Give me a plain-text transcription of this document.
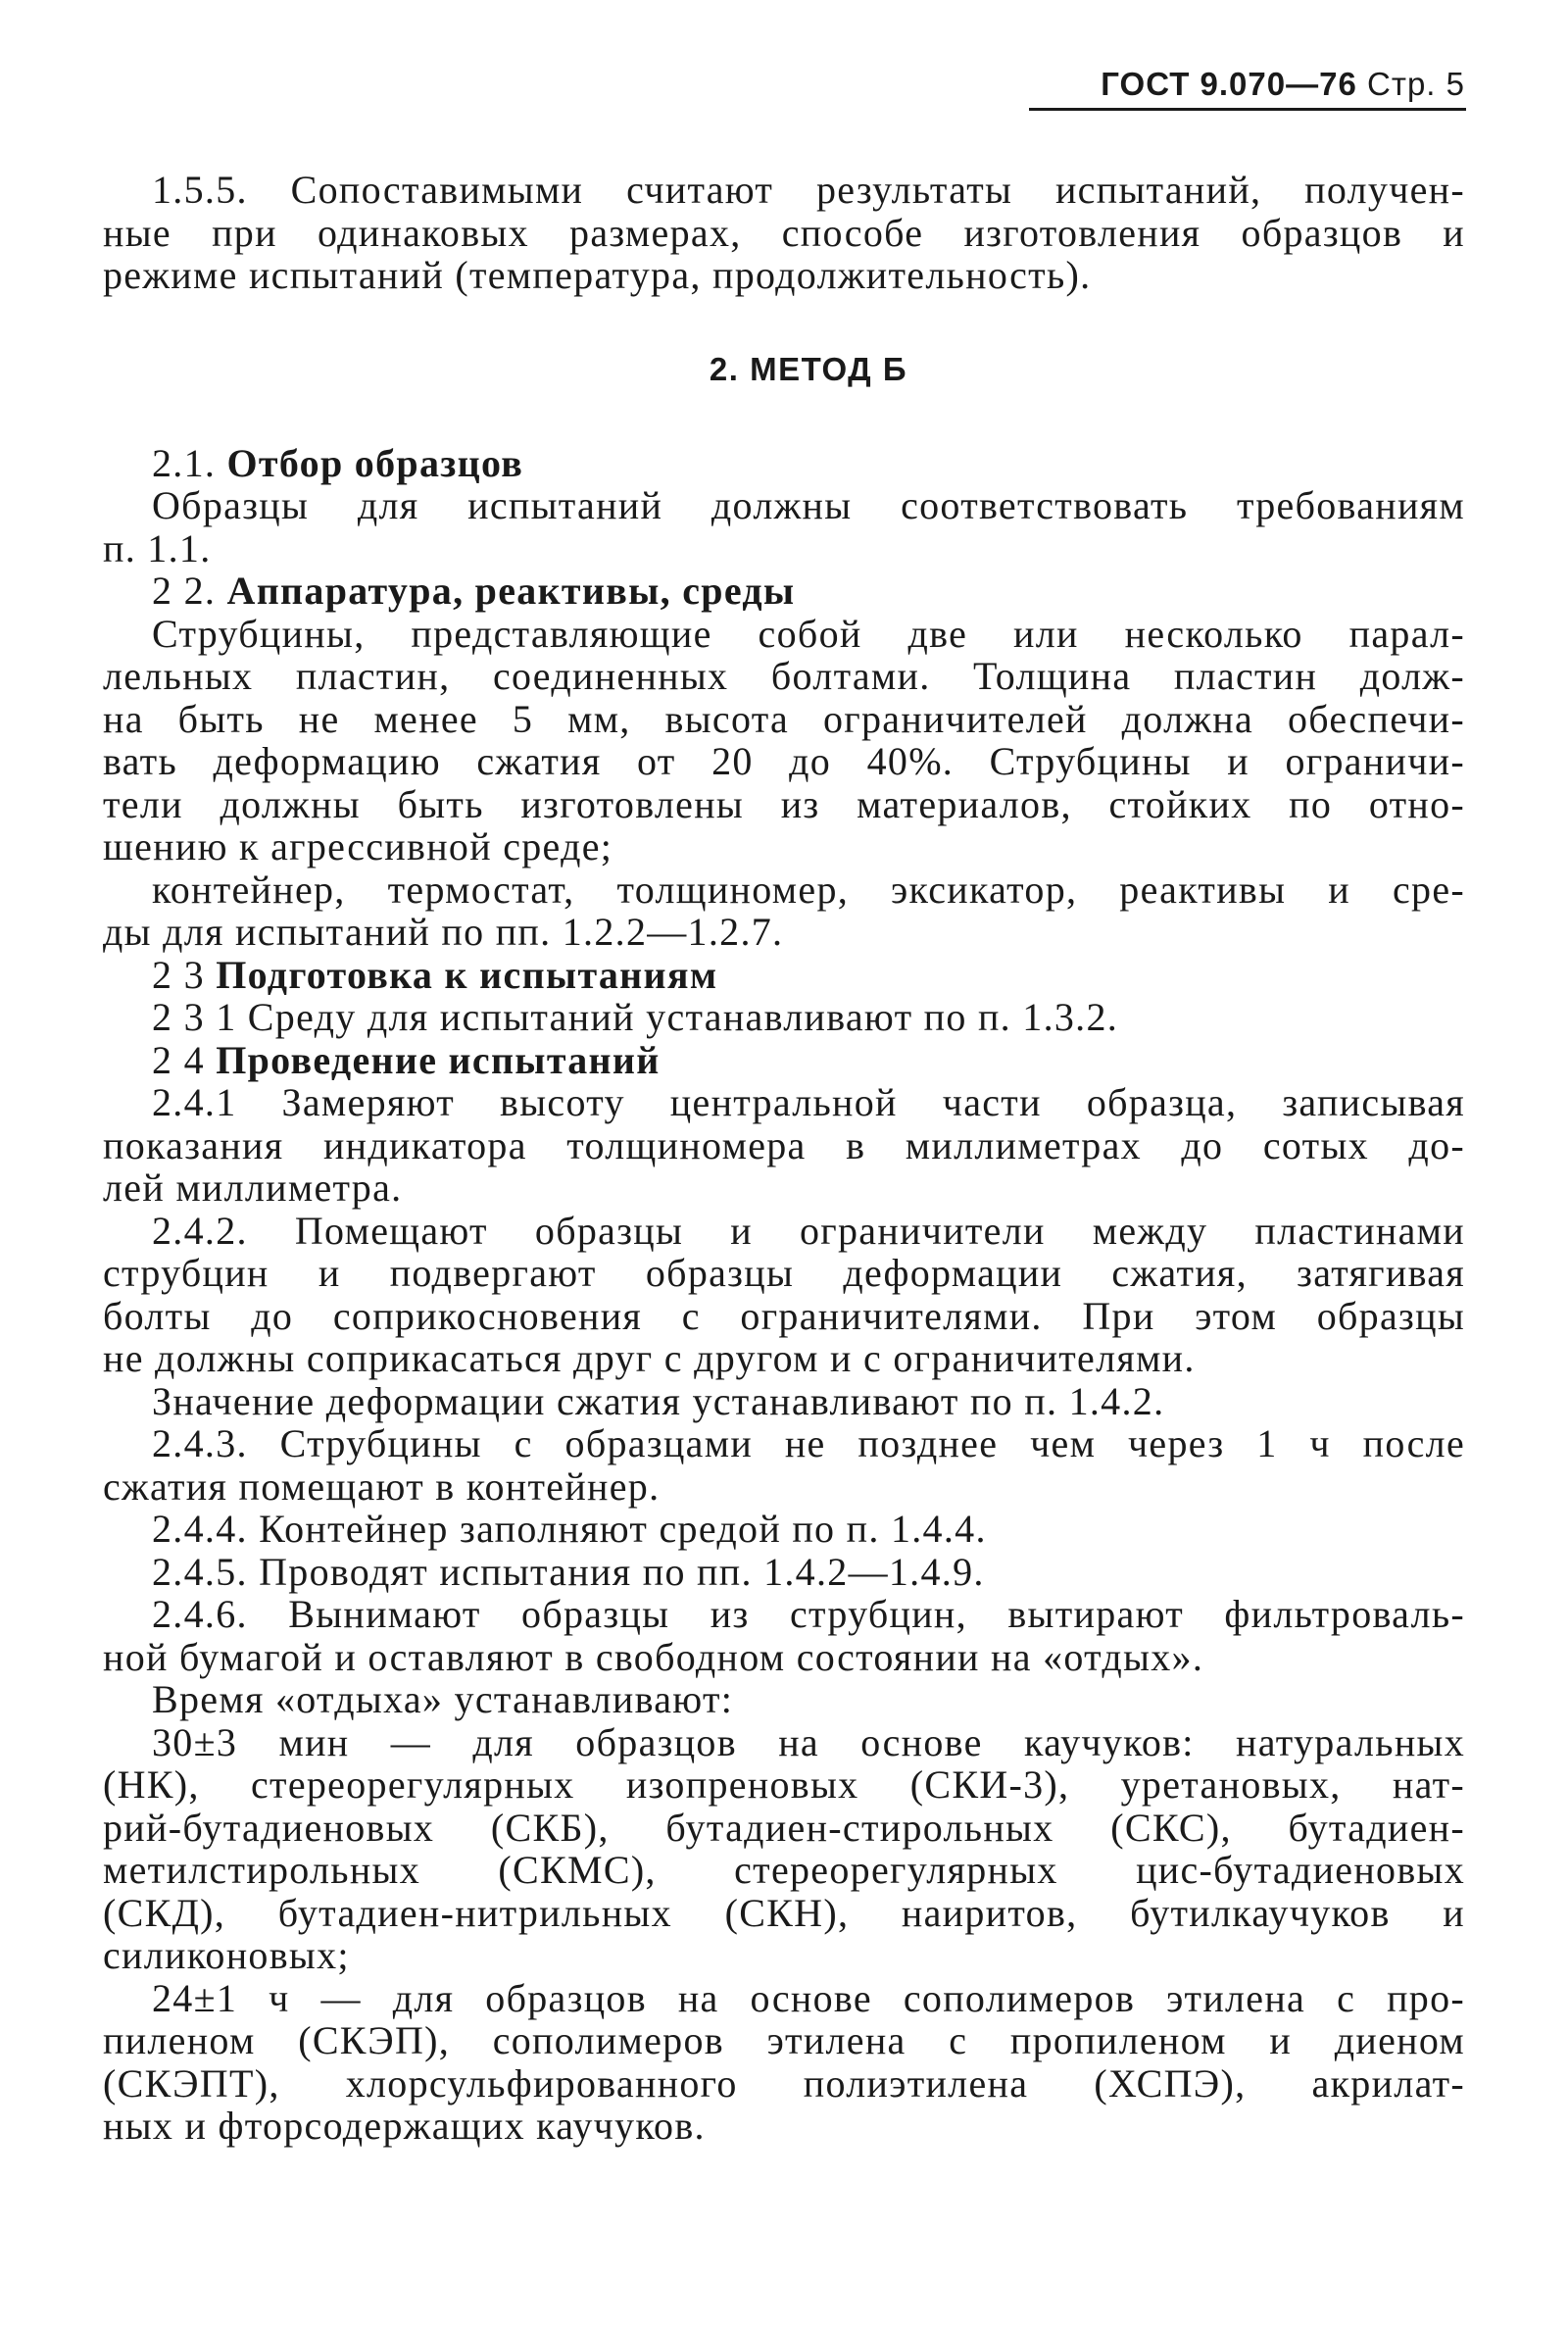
ГОСТ 9.070—76 Стр. 5
1.5.5. Сопоставимыми считают результаты испытаний, получен-
ные при одинаковых размерах, способе изготовления образцов и
режиме испытаний (температура, продолжительность).
2. МЕТОД Б
2.1. Отбор образцов
Образцы для испытаний должны соответствовать требованиям
п. 1.1.
2 2. Аппаратура, реактивы, среды
Струбцины, представляющие собой две или несколько парал-
лельных пластин, соединенных болтами. Толщина пластин долж-
на быть не менее 5 мм, высота ограничителей должна обеспечи-
вать деформацию сжатия от 20 до 40%. Струбцины и ограничи-
тели должны быть изготовлены из материалов, стойких по отно-
шению к агрессивной среде;
контейнер, термостат, толщиномер, эксикатор, реактивы и сре-
ды для испытаний по пп. 1.2.2—1.2.7.
2 3 Подготовка к испытаниям
2 3 1 Среду для испытаний устанавливают по п. 1.3.2.
2 4 Проведение испытаний
2.4.1 Замеряют высоту центральной части образца, записывая
показания индикатора толщиномера в миллиметрах до сотых до-
лей миллиметра.
2.4.2. Помещают образцы и ограничители между пластинами
струбцин и подвергают образцы деформации сжатия, затягивая
болты до соприкосновения с ограничителями. При этом образцы
не должны соприкасаться друг с другом и с ограничителями.
Значение деформации сжатия устанавливают по п. 1.4.2.
2.4.3. Струбцины с образцами не позднее чем через 1 ч после
сжатия помещают в контейнер.
2.4.4. Контейнер заполняют средой по п. 1.4.4.
2.4.5. Проводят испытания по пп. 1.4.2—1.4.9.
2.4.6. Вынимают образцы из струбцин, вытирают фильтроваль-
ной бумагой и оставляют в свободном состоянии на «отдых».
Время «отдыха» устанавливают:
30±3 мин — для образцов на основе каучуков: натуральных
(НК), стереорегулярных изопреновых (СКИ-3), уретановых, нат-
рий-бутадиеновых (СКБ), бутадиен-стирольных (СКС), бутадиен-
метилстирольных (СКМС), стереорегулярных цис-бутадиеновых
(СКД), бутадиен-нитрильных (СКН), наиритов, бутилкаучуков и
силиконовых;
24±1 ч — для образцов на основе сополимеров этилена с про-
пиленом (СКЭП), сополимеров этилена с пропиленом и диеном
(СКЭПТ), хлорсульфированного полиэтилена (ХСПЭ), акрилат-
ных и фторсодержащих каучуков.
